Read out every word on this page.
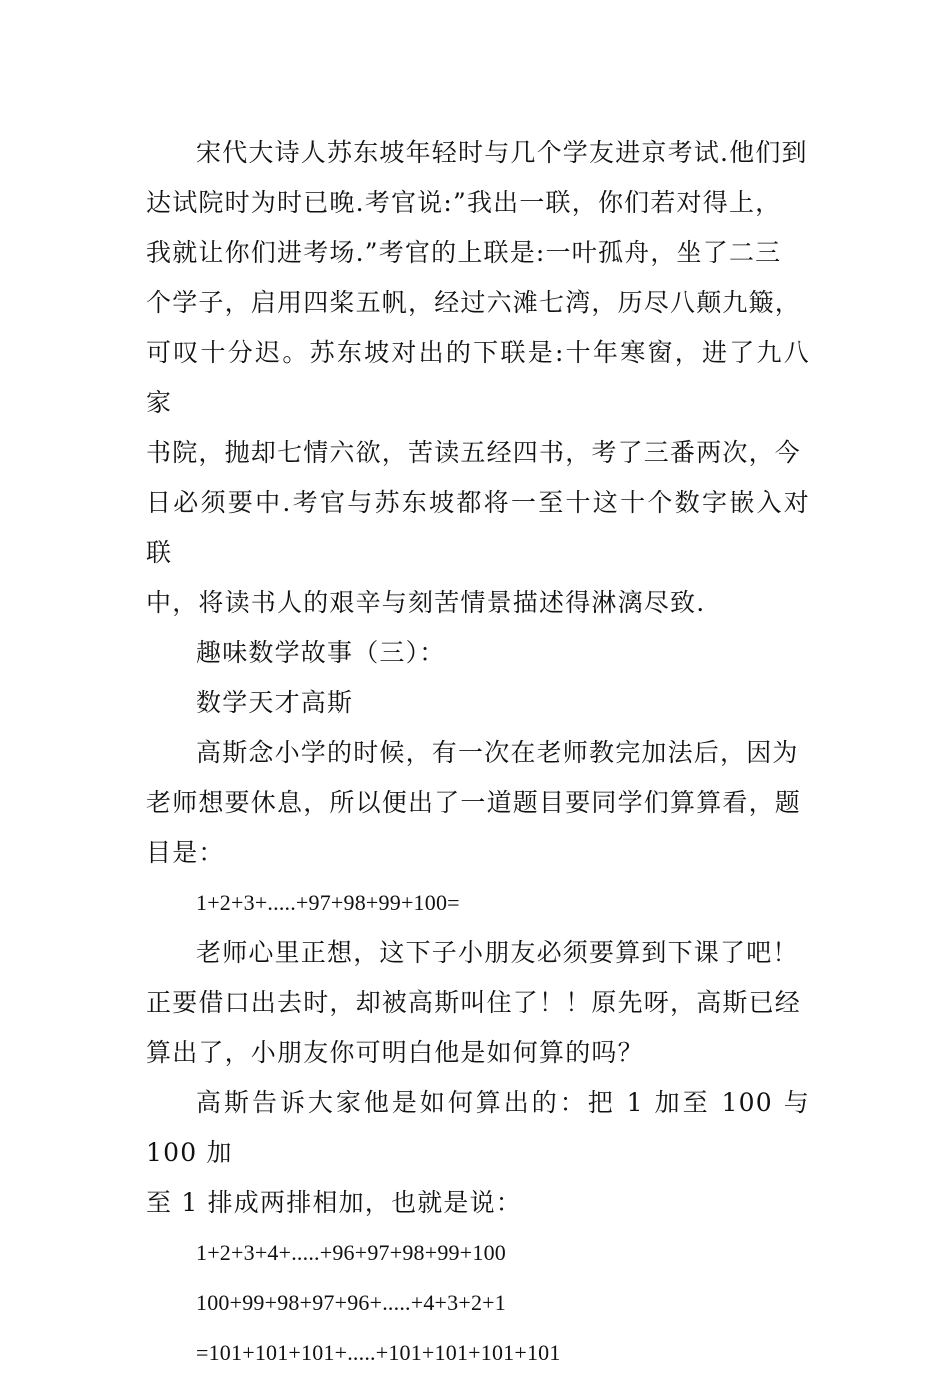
宋代大诗人苏东坡年轻时与几个学友进京考试.他们到
达试院时为时已晚.考官说:”我出一联，你们若对得上，
我就让你们进考场.”考官的上联是:一叶孤舟，坐了二三
个学子，启用四桨五帆，经过六滩七湾，历尽八颠九簸，
可叹十分迟。苏东坡对出的下联是:十年寒窗，进了九八家
书院，抛却七情六欲，苦读五经四书，考了三番两次，今
日必须要中.考官与苏东坡都将一至十这十个数字嵌入对联
中，将读书人的艰辛与刻苦情景描述得淋漓尽致.

趣味数学故事（三）：

数学天才高斯

高斯念小学的时候，有一次在老师教完加法后，因为
老师想要休息，所以便出了一道题目要同学们算算看，题
目是：

1+2+3+.....+97+98+99+100=

老师心里正想，这下子小朋友必须要算到下课了吧！
正要借口出去时，却被高斯叫住了！！原先呀，高斯已经
算出了，小朋友你可明白他是如何算的吗？

高斯告诉大家他是如何算出的：把 1 加至 100 与 100 加
至 1 排成两排相加，也就是说：

1+2+3+4+.....+96+97+98+99+100

100+99+98+97+96+.....+4+3+2+1

=101+101+101+.....+101+101+101+101
